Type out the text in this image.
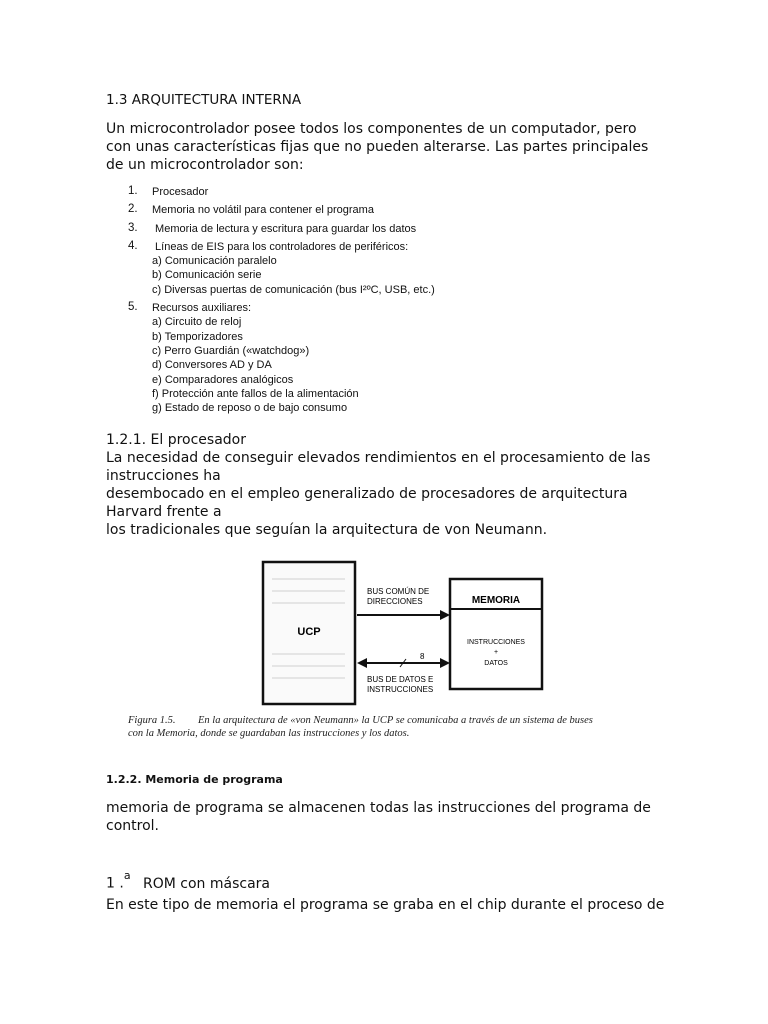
1.3 ARQUITECTURA INTERNA
Un microcontrolador posee todos los componentes de un computador, pero con unas características fijas que no pueden alterarse. Las partes principales de un microcontrolador son:
1.	Procesador
2.	Memoria no volátil para contener el programa
3.	Memoria de lectura y escritura para guardar los datos
4.	Líneas de EIS para los controladores de periféricos:
a) Comunicación paralelo
b) Comunicación serie
c) Diversas puertas de comunicación (bus I²ºC, USB, etc.)
5.	Recursos auxiliares:
a) Circuito de reloj
b) Temporizadores
c) Perro Guardián («watchdog»)
d) Conversores AD y DA
e) Comparadores analógicos
f) Protección ante fallos de la alimentación
g) Estado de reposo o de bajo consumo
1.2.1. El procesador
La necesidad de conseguir elevados rendimientos en el procesamiento de las
instrucciones ha
desembocado en el empleo generalizado de procesadores de arquitectura
Harvard frente a
los tradicionales que seguían la arquitectura de von Neumann.
UCP
MEMORIA
INSTRUCCIONES
+
DATOS
BUS COMÚN DE
DIRECCIONES
8
BUS DE DATOS E
INSTRUCCIONES
Figura 1.5. En la arquitectura de «von Neumann» la UCP se comunicaba a través de un sistema de buses
con la Memoria, donde se guardaban las instrucciones y los datos.
1.2.2. Memoria de programa
memoria de programa se almacenen todas las instrucciones del programa de
control.
1 .$^a$ ROM con máscara
En este tipo de memoria el programa se graba en el chip durante el proceso de
